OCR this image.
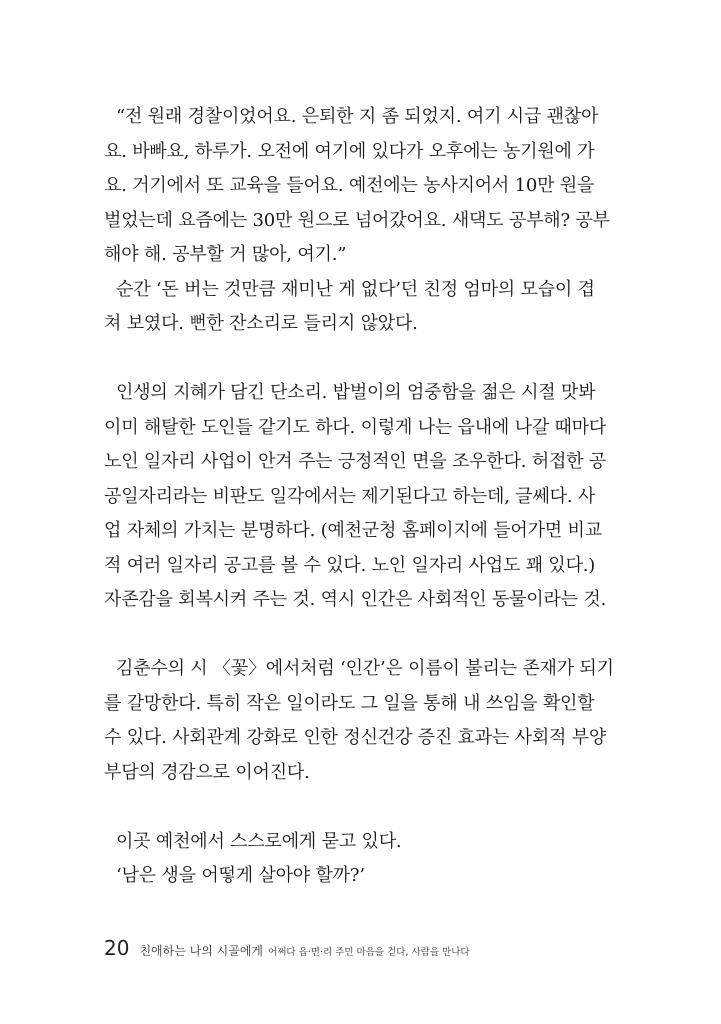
“전 원래 경찰이었어요. 은퇴한 지 좀 되었지. 여기 시급 괜찮아
요. 바빠요, 하루가. 오전에 여기에 있다가 오후에는 농기원에 가
요. 거기에서 또 교육을 들어요. 예전에는 농사지어서 10만 원을
벌었는데 요즘에는 30만 원으로 넘어갔어요. 새댁도 공부해? 공부
해야 해. 공부할 거 많아, 여기.”
순간 ‘돈 버는 것만큼 재미난 게 없다’던 친정 엄마의 모습이 겹
쳐 보였다. 뻔한 잔소리로 들리지 않았다.
인생의 지혜가 담긴 단소리. 밥벌이의 엄중함을 젊은 시절 맛봐
이미 해탈한 도인들 같기도 하다. 이렇게 나는 읍내에 나갈 때마다
노인 일자리 사업이 안겨 주는 긍정적인 면을 조우한다. 허접한 공
공일자리라는 비판도 일각에서는 제기된다고 하는데, 글쎄다. 사
업 자체의 가치는 분명하다. (예천군청 홈페이지에 들어가면 비교
적 여러 일자리 공고를 볼 수 있다. 노인 일자리 사업도 꽤 있다.)
자존감을 회복시켜 주는 것. 역시 인간은 사회적인 동물이라는 것.
김춘수의 시 〈꽃〉에서처럼 ‘인간’은 이름이 불리는 존재가 되기
를 갈망한다. 특히 작은 일이라도 그 일을 통해 내 쓰임을 확인할
수 있다. 사회관계 강화로 인한 정신건강 증진 효과는 사회적 부양
부담의 경감으로 이어진다.
이곳 예천에서 스스로에게 묻고 있다.
‘남은 생을 어떻게 살아야 할까?’
20 친애하는 나의 시골에게 어쩌다 읍·면·리 주민 마음을 걷다, 사람을 만나다
